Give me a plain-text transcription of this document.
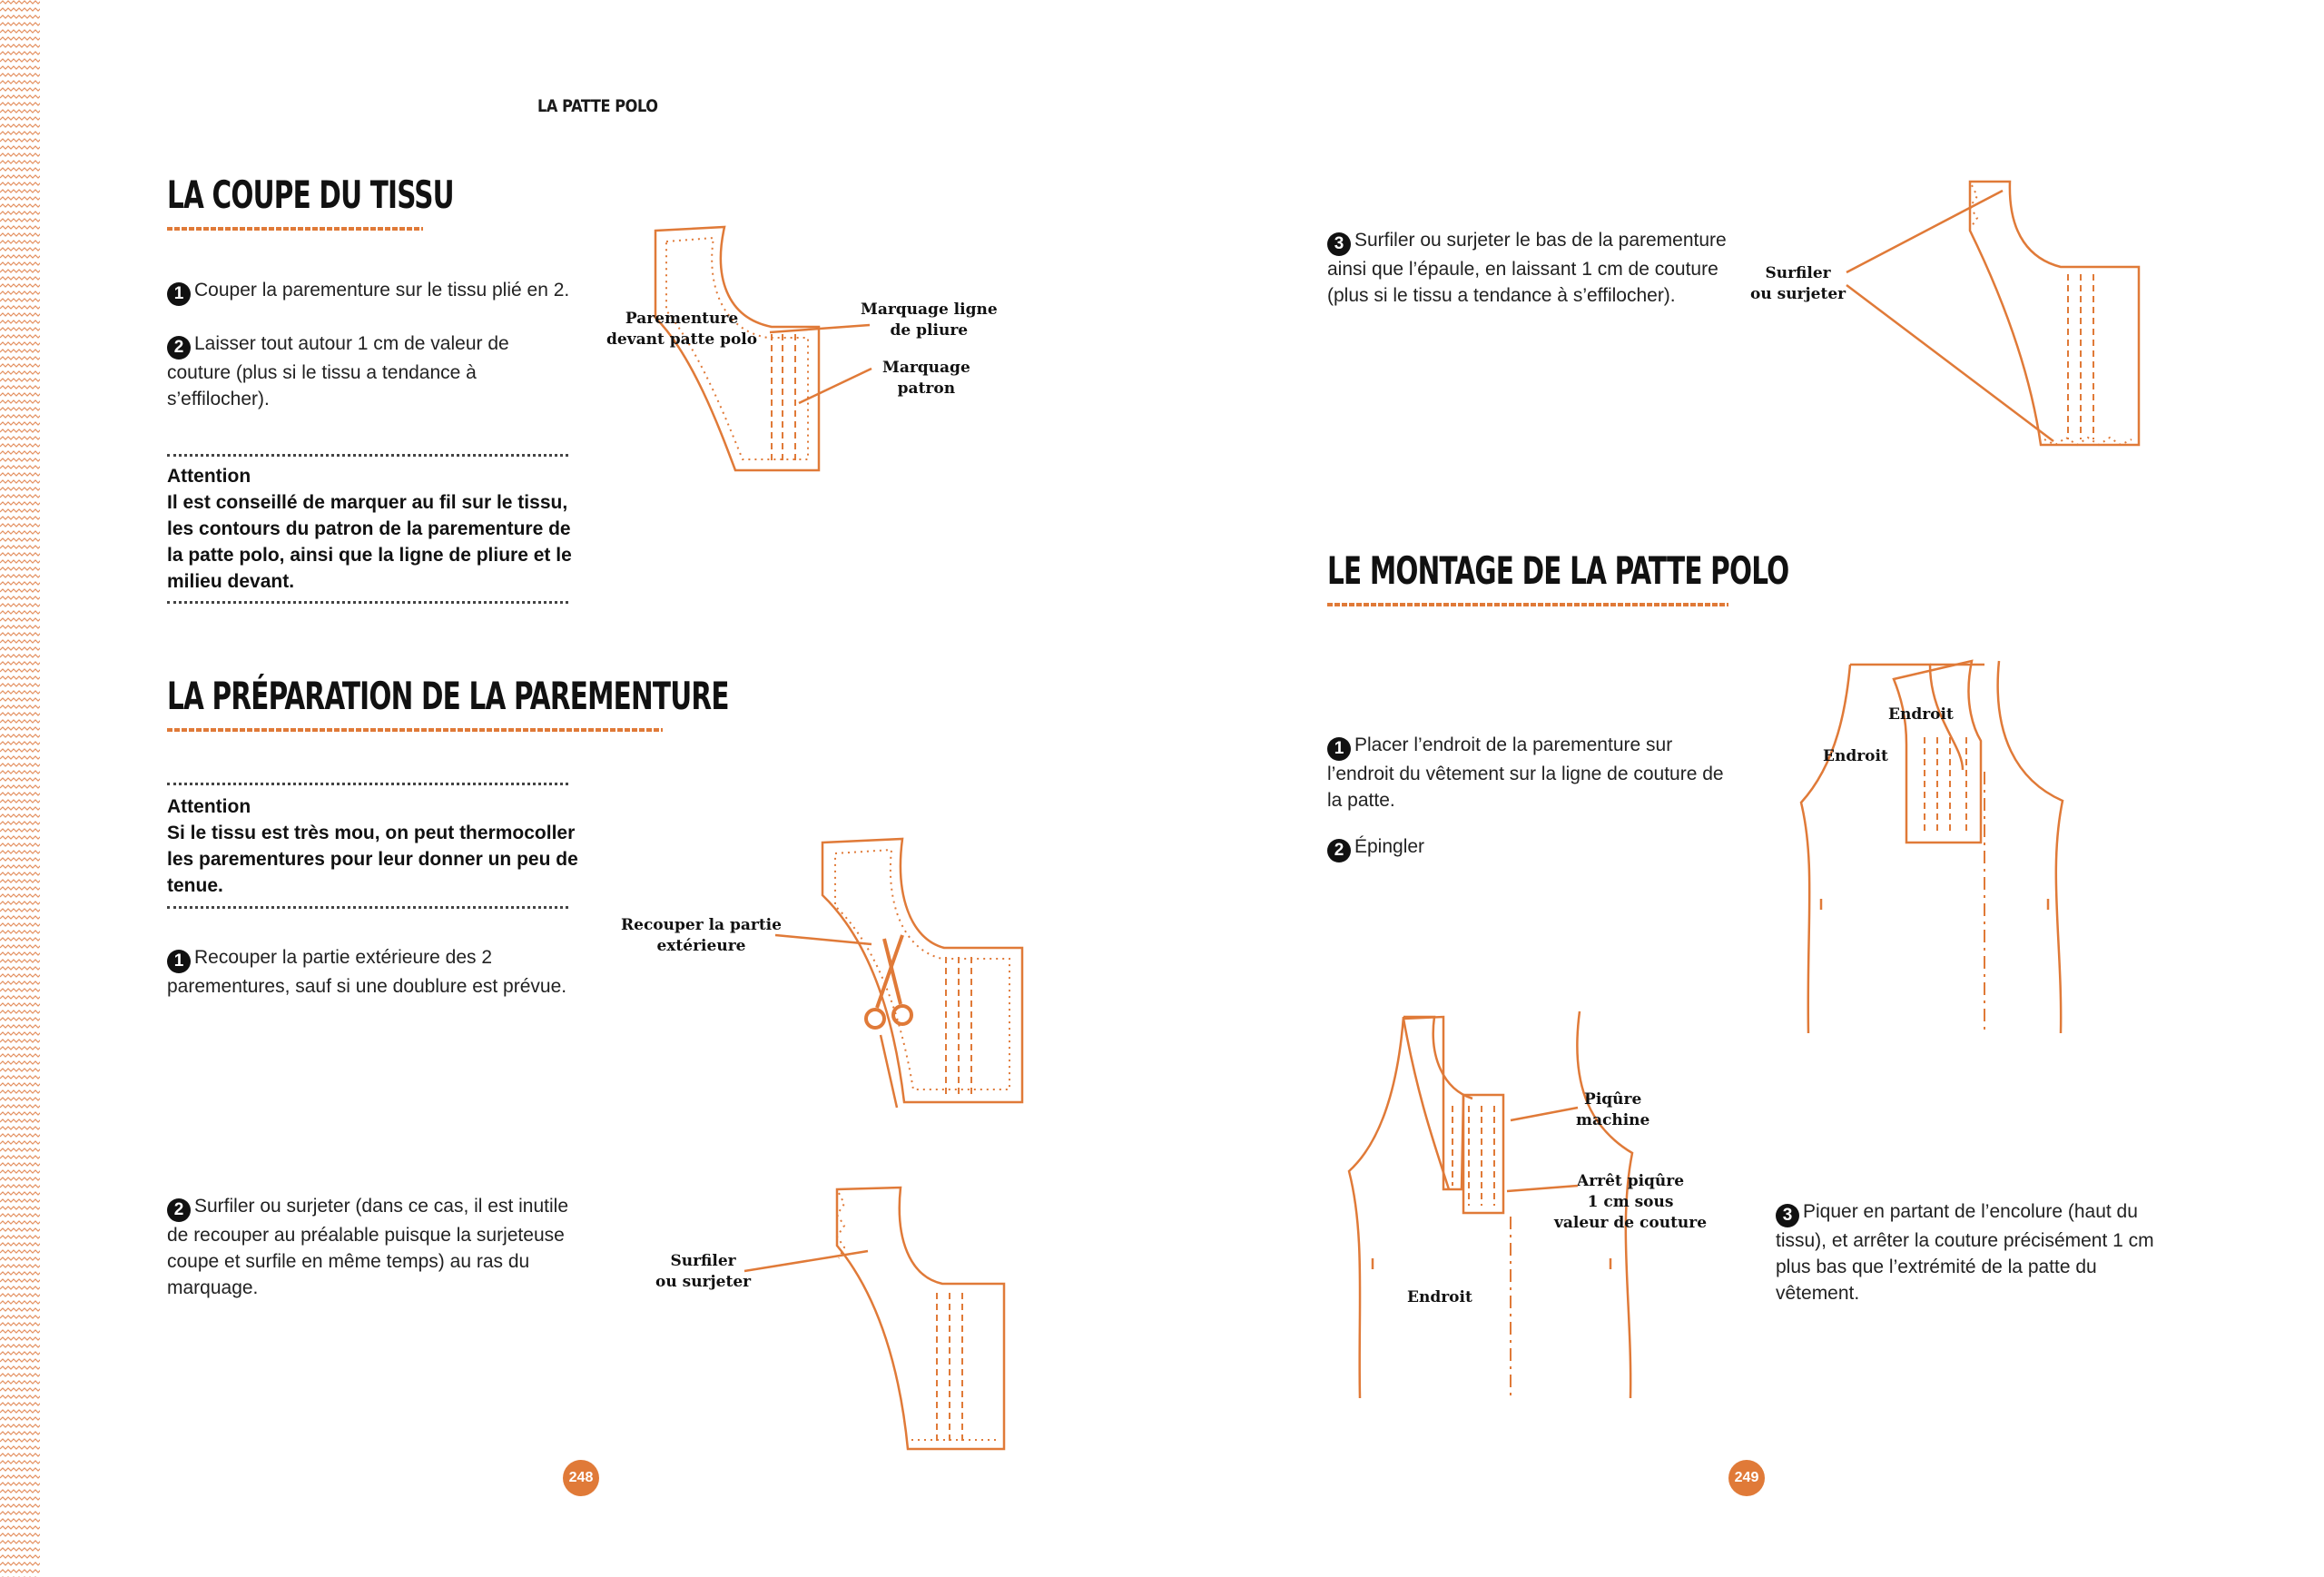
LA PATTE POLO
LA COUPE DU TISSU
1 Couper la parementure sur le tissu plié en 2.
2 Laisser tout autour 1 cm de valeur de couture (plus si le tissu a tendance à s’effilocher).
Attention
Il est conseillé de marquer au fil sur le tissu,
les contours du patron de la parementure de
la patte polo, ainsi que la ligne de pliure et le
milieu devant.
Parementure
devant patte polo
Marquage ligne
de pliure
Marquage
patron
LA PRÉPARATION DE LA PAREMENTURE
Attention
Si le tissu est très mou, on peut thermocoller
les parementures pour leur donner un peu de
tenue.
1 Recouper la partie extérieure des 2 parementures, sauf si une doublure est prévue.
Recouper la partie
extérieure
2 Surfiler ou surjeter (dans ce cas, il est inutile de recouper au préalable puisque la surjeteuse coupe et surfile en même temps) au ras du marquage.
Surfiler
ou surjeter
248
3 Surfiler ou surjeter le bas de la parementure ainsi que l’épaule, en laissant 1 cm de couture (plus si le tissu a tendance à s’effilocher).
Surfiler
ou surjeter
LE MONTAGE DE LA PATTE POLO
1 Placer l’endroit de la parementure sur l’endroit du vêtement sur la ligne de couture de la patte.
2 Épingler
Endroit
Endroit
3 Piquer en partant de l’encolure (haut du tissu), et arrêter la couture précisément 1 cm plus bas que l’extrémité de la patte du vêtement.
Piqûre
machine
Arrêt piqûre
1 cm sous
valeur de couture
Endroit
249
